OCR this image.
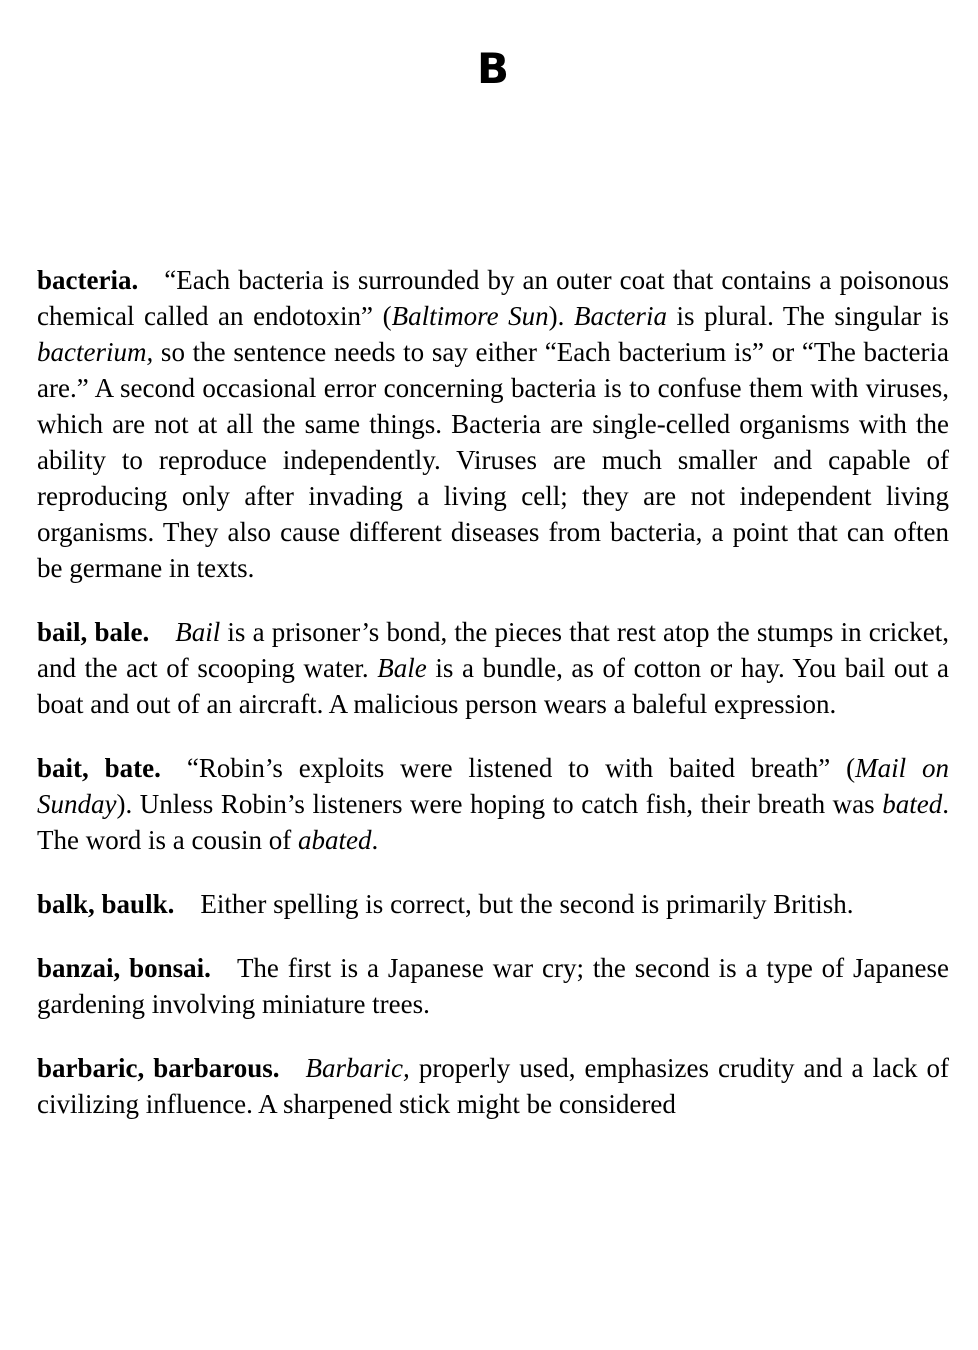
B

bacteria. “Each bacteria is surrounded by an outer coat that contains a poisonous chemical called an endotoxin” (Baltimore Sun). Bacteria is plural. The singular is bacterium, so the sentence needs to say either “Each bacterium is” or “The bacteria are.” A second occasional error concerning bacteria is to confuse them with viruses, which are not at all the same things. Bacteria are single-celled organisms with the ability to reproduce independently. Viruses are much smaller and capable of reproducing only after invading a living cell; they are not independent living organisms. They also cause different diseases from bacteria, a point that can often be germane in texts.

bail, bale. Bail is a prisoner’s bond, the pieces that rest atop the stumps in cricket, and the act of scooping water. Bale is a bundle, as of cotton or hay. You bail out a boat and out of an aircraft. A malicious person wears a baleful expression.

bait, bate. “Robin’s exploits were listened to with baited breath” (Mail on Sunday). Unless Robin’s listeners were hoping to catch fish, their breath was bated. The word is a cousin of abated.

balk, baulk. Either spelling is correct, but the second is primarily British.

banzai, bonsai. The first is a Japanese war cry; the second is a type of Japanese gardening involving miniature trees.

barbaric, barbarous. Barbaric, properly used, emphasizes crudity and a lack of civilizing influence. A sharpened stick might be considered
